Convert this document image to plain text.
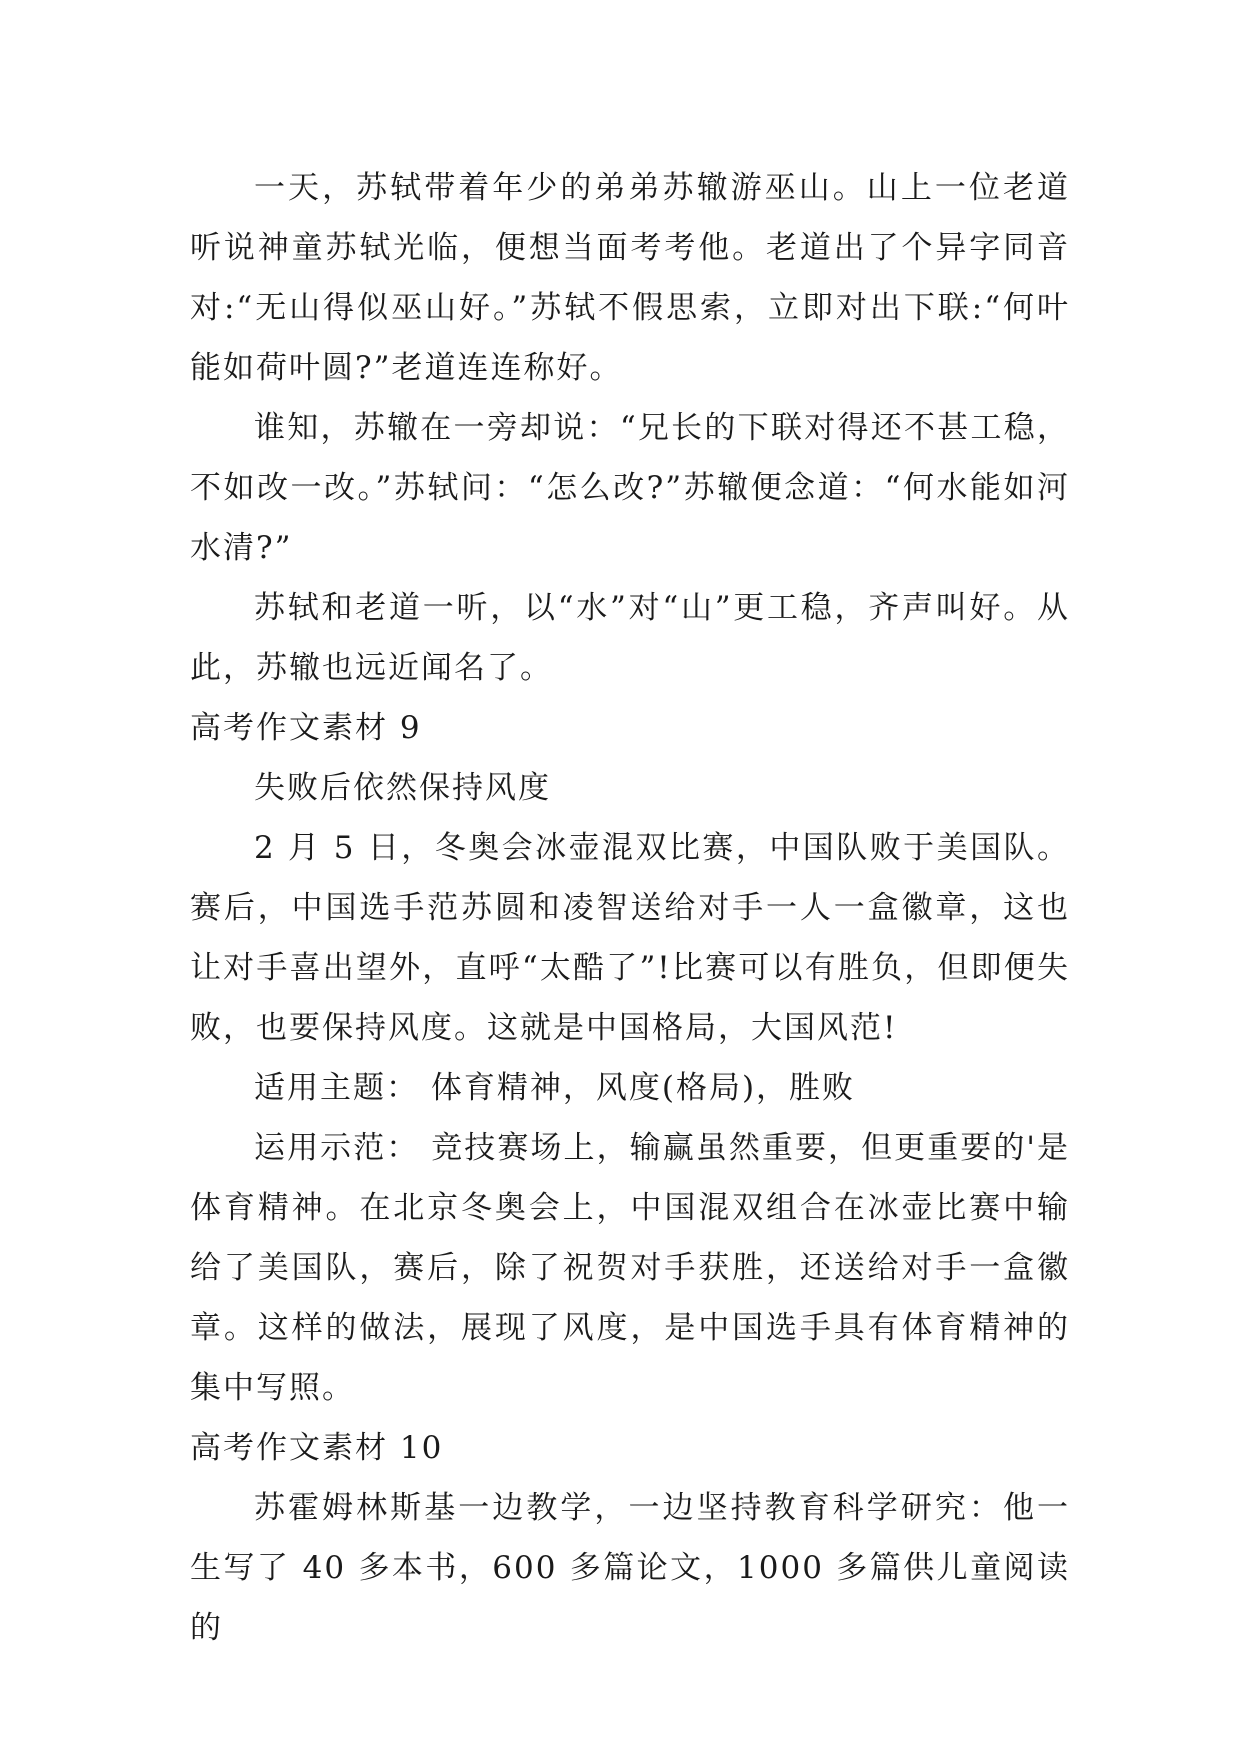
一天，苏轼带着年少的弟弟苏辙游巫山。山上一位老道听说神童苏轼光临，便想当面考考他。老道出了个异字同音对:“无山得似巫山好。”苏轼不假思索，立即对出下联:“何叶能如荷叶圆?”老道连连称好。

谁知，苏辙在一旁却说：“兄长的下联对得还不甚工稳，不如改一改。”苏轼问：“怎么改?”苏辙便念道：“何水能如河水清?”

苏轼和老道一听，以“水”对“山”更工稳，齐声叫好。从此，苏辙也远近闻名了。

高考作文素材 9

失败后依然保持风度

2 月 5 日，冬奥会冰壶混双比赛，中国队败于美国队。赛后，中国选手范苏圆和凌智送给对手一人一盒徽章，这也让对手喜出望外，直呼“太酷了”!比赛可以有胜负，但即便失败，也要保持风度。这就是中国格局，大国风范!

适用主题： 体育精神，风度(格局)，胜败

运用示范： 竞技赛场上，输赢虽然重要，但更重要的'是体育精神。在北京冬奥会上，中国混双组合在冰壶比赛中输给了美国队，赛后，除了祝贺对手获胜，还送给对手一盒徽章。这样的做法，展现了风度，是中国选手具有体育精神的集中写照。

高考作文素材 10

苏霍姆林斯基一边教学，一边坚持教育科学研究：他一生写了 40 多本书，600 多篇论文，1000 多篇供儿童阅读的
